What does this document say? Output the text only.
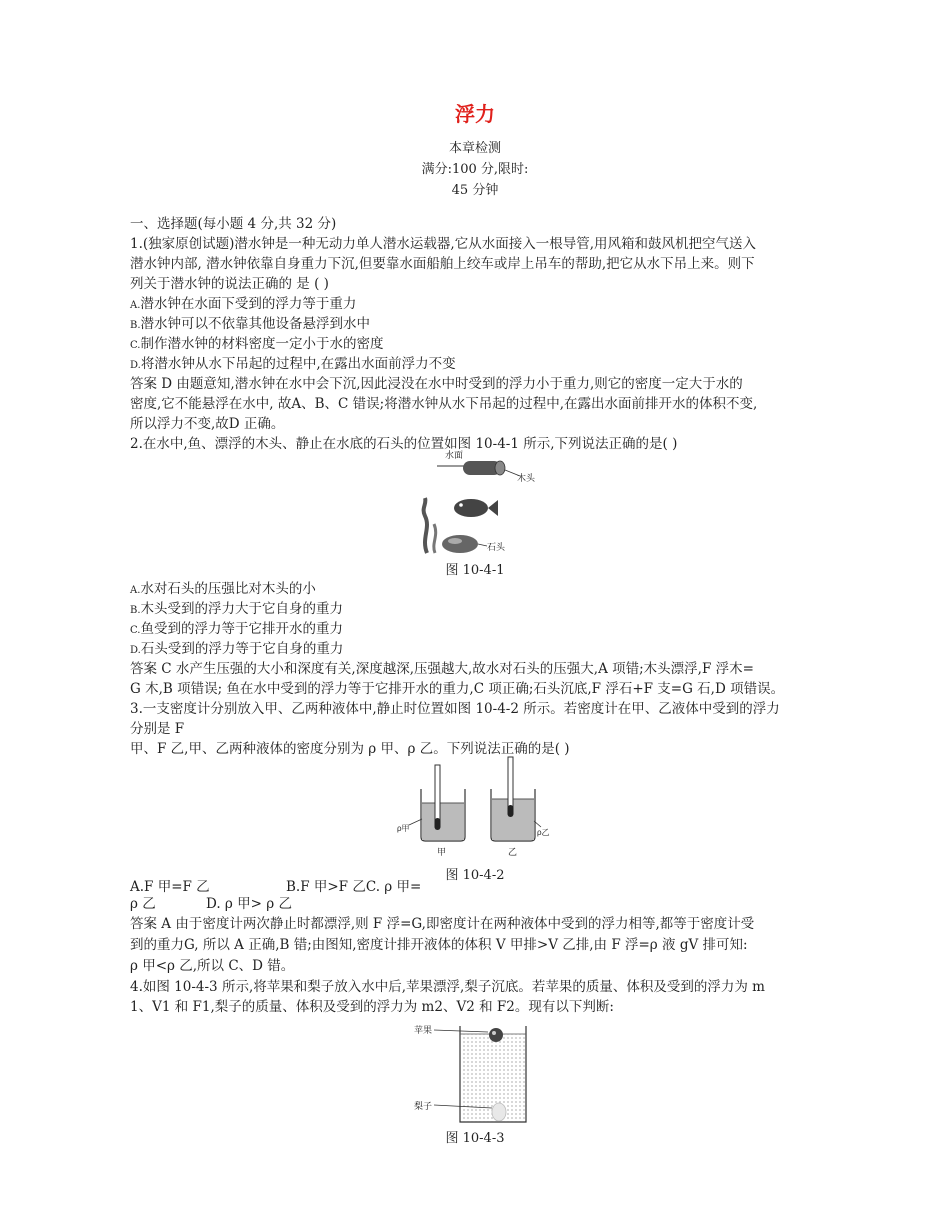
浮力
本章检测
满分:100 分,限时:
45 分钟
一、选择题(每小题 4 分,共 32 分)
1.(独家原创试题)潜水钟是一种无动力单人潜水运载器,它从水面接入一根导管,用风箱和鼓风机把空气送入
潜水钟内部, 潜水钟依靠自身重力下沉,但要靠水面船舶上绞车或岸上吊车的帮助,把它从水下吊上来。则下
列关于潜水钟的说法正确的 是 ( )
A.潜水钟在水面下受到的浮力等于重力
B.潜水钟可以不依靠其他设备悬浮到水中
C.制作潜水钟的材料密度一定小于水的密度
D.将潜水钟从水下吊起的过程中,在露出水面前浮力不变
答案 D 由题意知,潜水钟在水中会下沉,因此浸没在水中时受到的浮力小于重力,则它的密度一定大于水的
密度,它不能悬浮在水中, 故A、B、C 错误;将潜水钟从水下吊起的过程中,在露出水面前排开水的体积不变,
所以浮力不变,故D 正确。
2.在水中,鱼、漂浮的木头、静止在水底的石头的位置如图 10-4-1 所示,下列说法正确的是( )
水面
木头
石头
图 10-4-1
A.水对石头的压强比对木头的小
B.木头受到的浮力大于它自身的重力
C.鱼受到的浮力等于它排开水的重力
D.石头受到的浮力等于它自身的重力
答案 C 水产生压强的大小和深度有关,深度越深,压强越大,故水对石头的压强大,A 项错;木头漂浮,F 浮木=
G 木,B 项错误; 鱼在水中受到的浮力等于它排开水的重力,C 项正确;石头沉底,F 浮石+F 支=G 石,D 项错误。
3.一支密度计分别放入甲、乙两种液体中,静止时位置如图 10-4-2 所示。若密度计在甲、乙液体中受到的浮力
分别是 F
甲、F 乙,甲、乙两种液体的密度分别为 ρ 甲、ρ 乙。下列说法正确的是( )
ρ甲
甲
ρ乙
乙
图 10-4-2
A.F 甲=F 乙	B.F 甲>F 乙C. ρ 甲=
ρ 乙	D. ρ 甲> ρ 乙
答案 A 由于密度计两次静止时都漂浮,则 F 浮=G,即密度计在两种液体中受到的浮力相等,都等于密度计受
到的重力G, 所以 A 正确,B 错;由图知,密度计排开液体的体积 V 甲排>V 乙排,由 F 浮=ρ 液 gV 排可知:
ρ 甲<ρ 乙,所以 C、D 错。
4.如图 10-4-3 所示,将苹果和梨子放入水中后,苹果漂浮,梨子沉底。若苹果的质量、体积及受到的浮力为 m
1、V1 和 F1,梨子的质量、体积及受到的浮力为 m2、V2 和 F2。现有以下判断:
苹果
梨子
图 10-4-3
